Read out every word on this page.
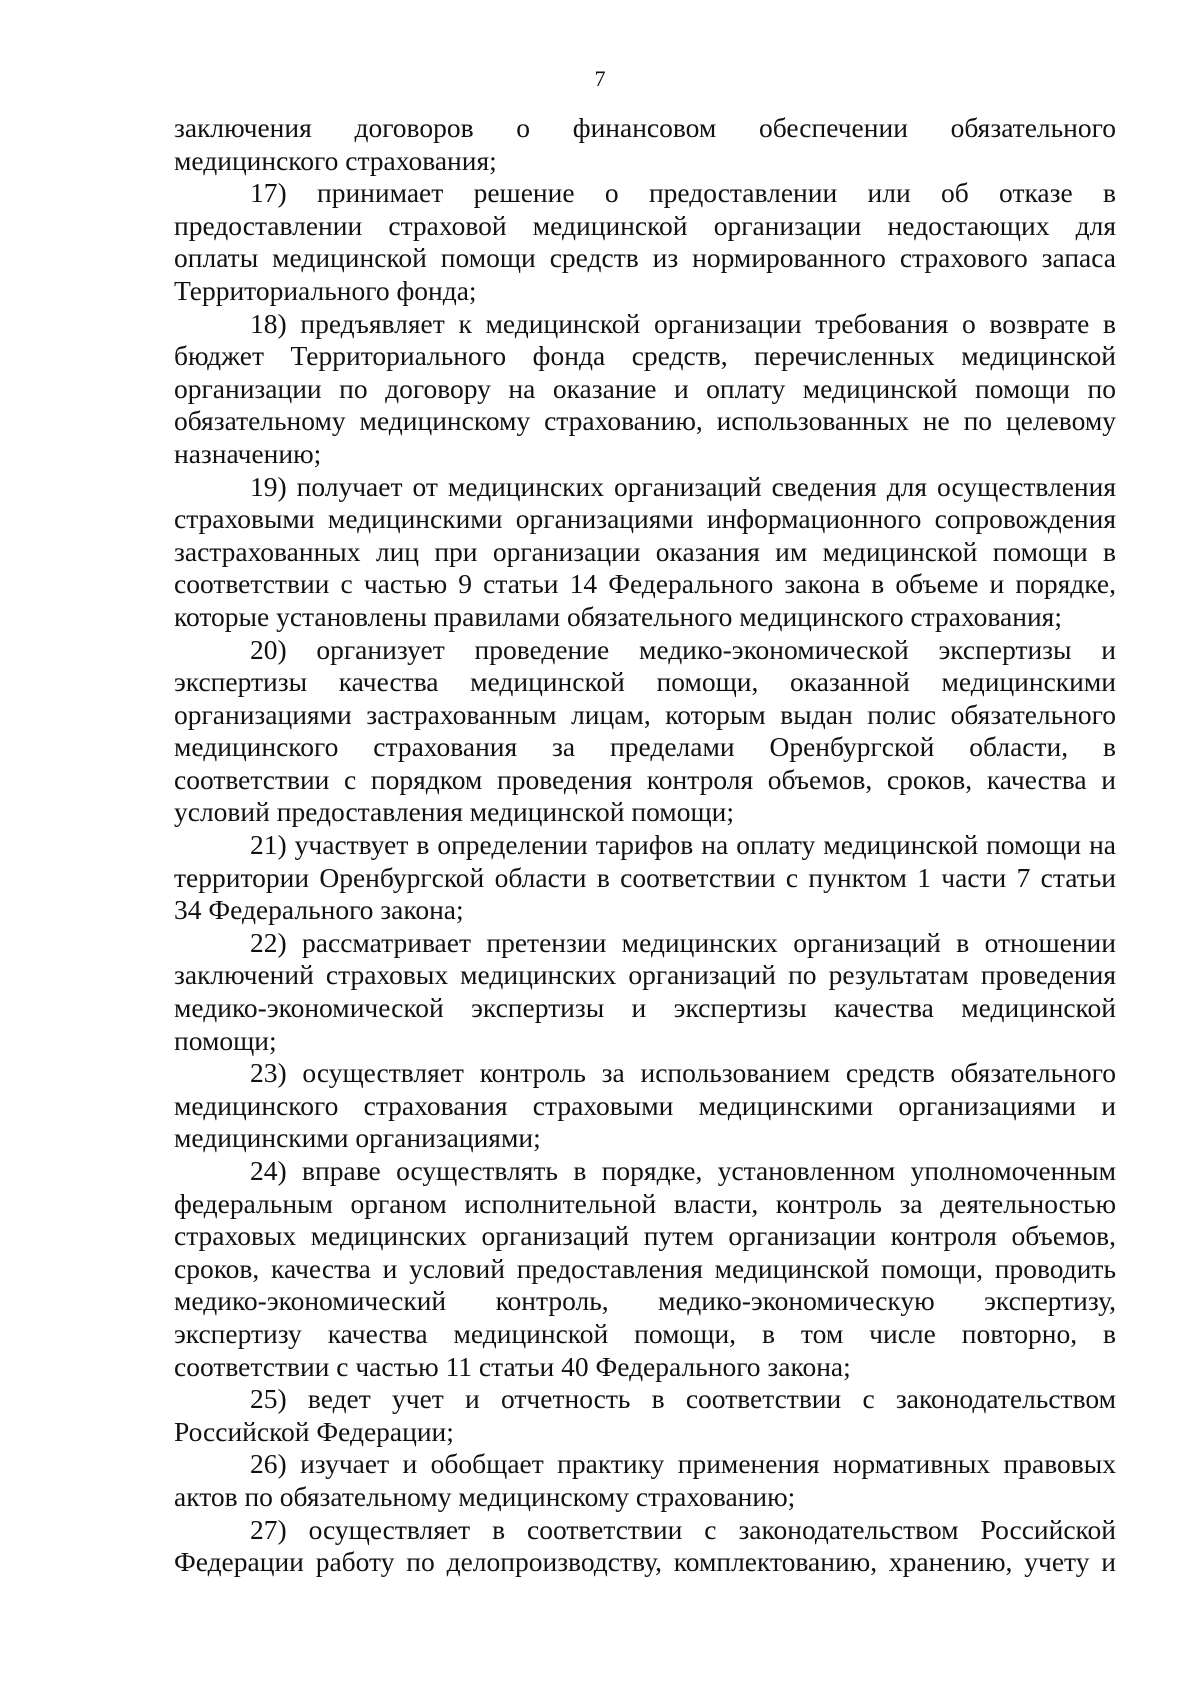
7
заключения договоров о финансовом обеспечении обязательного
медицинского страхования;
17) принимает решение о предоставлении или об отказе в
предоставлении страховой медицинской организации недостающих для
оплаты медицинской помощи средств из нормированного страхового запаса
Территориального фонда;
18) предъявляет к медицинской организации требования о возврате в
бюджет Территориального фонда средств, перечисленных медицинской
организации по договору на оказание и оплату медицинской помощи по
обязательному медицинскому страхованию, использованных не по целевому
назначению;
19) получает от медицинских организаций сведения для осуществления
страховыми медицинскими организациями информационного сопровождения
застрахованных лиц при организации оказания им медицинской помощи в
соответствии с частью 9 статьи 14 Федерального закона в объеме и порядке,
которые установлены правилами обязательного медицинского страхования;
20) организует проведение медико-экономической экспертизы и
экспертизы качества медицинской помощи, оказанной медицинскими
организациями застрахованным лицам, которым выдан полис обязательного
медицинского страхования за пределами Оренбургской области, в
соответствии с порядком проведения контроля объемов, сроков, качества и
условий предоставления медицинской помощи;
21) участвует в определении тарифов на оплату медицинской помощи на
территории Оренбургской области в соответствии с пунктом 1 части 7 статьи
34 Федерального закона;
22) рассматривает претензии медицинских организаций в отношении
заключений страховых медицинских организаций по результатам проведения
медико-экономической экспертизы и экспертизы качества медицинской
помощи;
23) осуществляет контроль за использованием средств обязательного
медицинского страхования страховыми медицинскими организациями и
медицинскими организациями;
24) вправе осуществлять в порядке, установленном уполномоченным
федеральным органом исполнительной власти, контроль за деятельностью
страховых медицинских организаций путем организации контроля объемов,
сроков, качества и условий предоставления медицинской помощи, проводить
медико-экономический контроль, медико-экономическую экспертизу,
экспертизу качества медицинской помощи, в том числе повторно, в
соответствии с частью 11 статьи 40 Федерального закона;
25) ведет учет и отчетность в соответствии с законодательством
Российской Федерации;
26) изучает и обобщает практику применения нормативных правовых
актов по обязательному медицинскому страхованию;
27) осуществляет в соответствии с законодательством Российской
Федерации работу по делопроизводству, комплектованию, хранению, учету и
